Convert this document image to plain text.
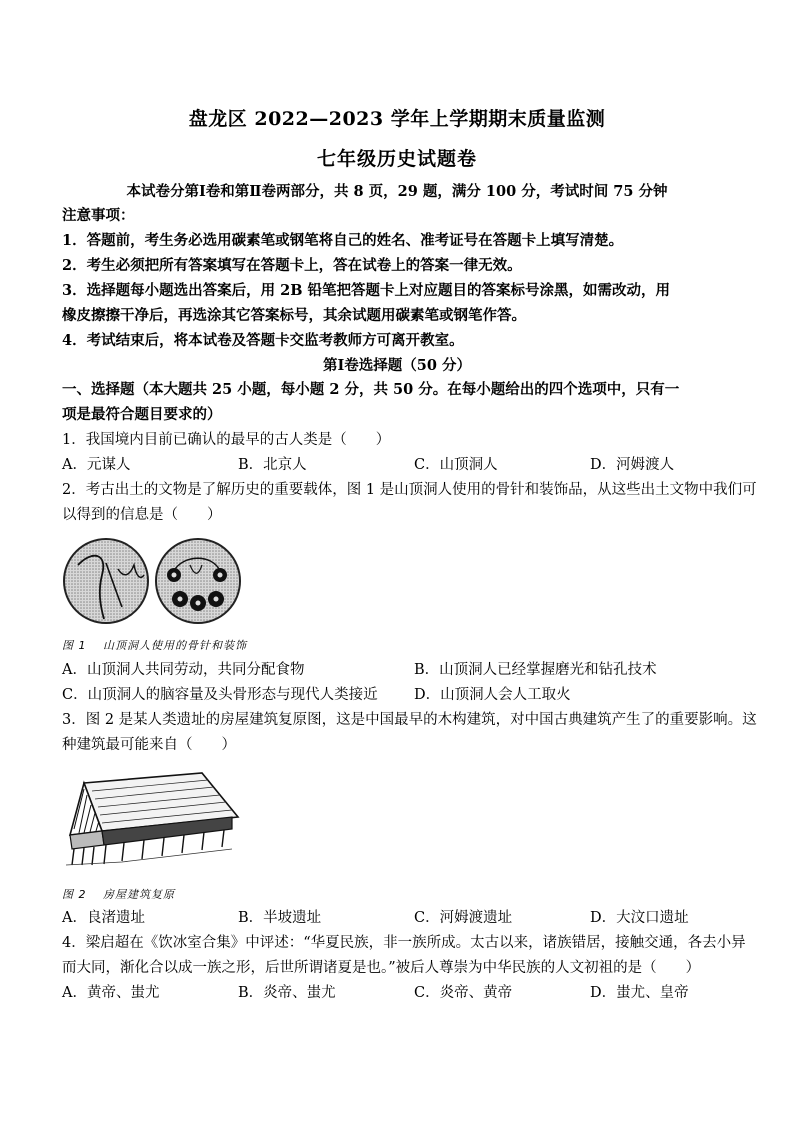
盘龙区 2022—2023 学年上学期期末质量监测
七年级历史试题卷
本试卷分第Ⅰ卷和第Ⅱ卷两部分，共 8 页，29 题，满分 100 分，考试时间 75 分钟
注意事项：
1．答题前，考生务必选用碳素笔或钢笔将自己的姓名、准考证号在答题卡上填写清楚。
2．考生必须把所有答案填写在答题卡上，答在试卷上的答案一律无效。
3．选择题每小题选出答案后，用 2B 铅笔把答题卡上对应题目的答案标号涂黑，如需改动，用
橡皮擦擦干净后，再选涂其它答案标号，其余试题用碳素笔或钢笔作答。
4．考试结束后，将本试卷及答题卡交监考教师方可离开教室。
第Ⅰ卷选择题（50 分）
一、选择题（本大题共 25 小题，每小题 2 分，共 50 分。在每小题给出的四个选项中，只有一
项是最符合题目要求的）
1．我国境内目前已确认的最早的古人类是（　　）
A．元谋人	B．北京人	C．山顶洞人	D．河姆渡人
2．考古出土的文物是了解历史的重要载体，图 1 是山顶洞人使用的骨针和装饰品，从这些出土文物中我们可
以得到的信息是（　　）
图 1　 山顶洞人使用的骨针和装饰
A．山顶洞人共同劳动，共同分配食物	B．山顶洞人已经掌握磨光和钻孔技术
C．山顶洞人的脑容量及头骨形态与现代人类接近	D．山顶洞人会人工取火
3．图 2 是某人类遗址的房屋建筑复原图，这是中国最早的木构建筑，对中国古典建筑产生了的重要影响。这
种建筑最可能来自（　　）
图 2　 房屋建筑复原
A．良渚遗址	B．半坡遗址	C．河姆渡遗址	D．大汶口遗址
4．梁启超在《饮冰室合集》中评述：“华夏民族，非一族所成。太古以来，诸族错居，接触交通，各去小异
而大同，渐化合以成一族之形，后世所谓诸夏是也。”被后人尊崇为中华民族的人文初祖的是（　　）
A．黄帝、蚩尤	B．炎帝、蚩尤	C．炎帝、黄帝	D．蚩尤、皇帝
